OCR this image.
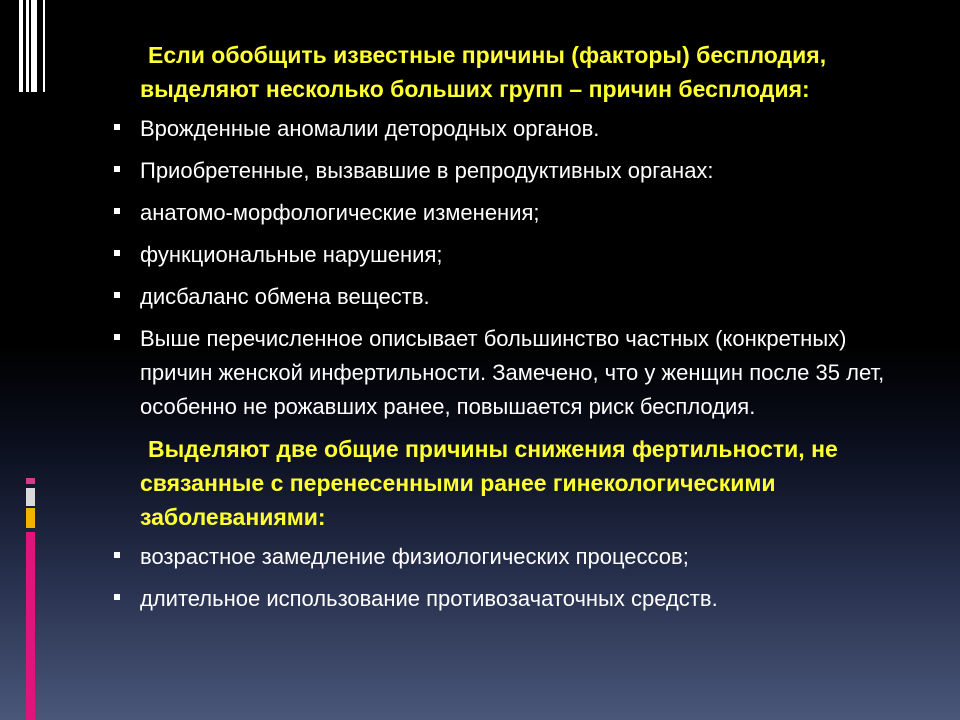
Если обобщить известные причины (факторы) бесплодия, выделяют несколько больших групп – причин бесплодия:
Врожденные аномалии детородных органов.
Приобретенные, вызвавшие в репродуктивных органах:
анатомо-морфологические изменения;
функциональные нарушения;
дисбаланс обмена веществ.
Выше перечисленное описывает большинство частных (конкретных) причин женской инфертильности. Замечено, что у женщин после 35 лет, особенно не рожавших ранее, повышается риск бесплодия.
Выделяют две общие причины снижения фертильности, не связанные с перенесенными ранее гинекологическими заболеваниями:
возрастное замедление физиологических процессов;
длительное использование противозачаточных средств.
